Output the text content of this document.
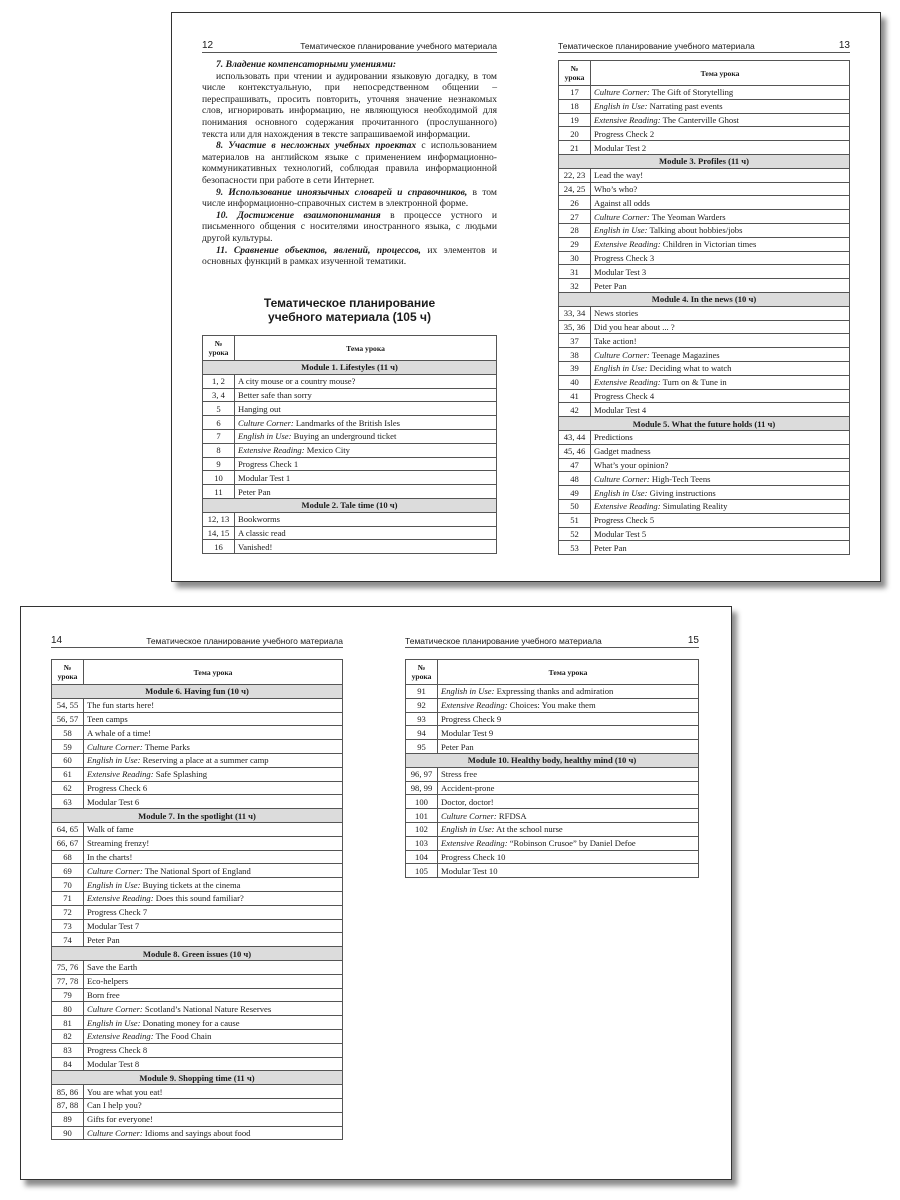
12	Тематическое планирование учебного материала

7. Владение компенсаторными умениями:

использовать при чтении и аудировании языковую догадку, в том числе контекстуальную, при непосредственном общении – переспрашивать, просить повторить, уточняя значение незнакомых слов, игнорировать информацию, не являющуюся необходимой для понимания основного содержания прочитанного (прослушанного) текста или для нахождения в тексте запрашиваемой информации.

8. Участие в несложных учебных проектах с использованием материалов на английском языке с применением информационно-коммуникативных технологий, соблюдая правила информационной безопасности при работе в сети Интернет.

9. Использование иноязычных словарей и справочников, в том числе информационно-справочных систем в электронной форме.

10. Достижение взаимопонимания в процессе устного и письменного общения с носителями иностранного языка, с людьми другой культуры.

11. Сравнение объектов, явлений, процессов, их элементов и основных функций в рамках изученной тематики.

Тематическое планирование
учебного материала (105 ч)
№
урока	Тема урока
Module 1. Lifestyles (11 ч)	
1, 2	A city mouse or a country mouse?
3, 4	Better safe than sorry
5	Hanging out
6	Culture Corner: Landmarks of the British Isles
7	English in Use: Buying an underground ticket
8	Extensive Reading: Mexico City
9	Progress Check 1
10	Modular Test 1
11	Peter Pan
Module 2. Tale time (10 ч)	
12, 13	Bookworms
14, 15	A classic read
16	Vanished!
Тематическое планирование учебного материала	13
№
урока	Тема урока
17	Culture Corner: The Gift of Storytelling
18	English in Use: Narrating past events
19	Extensive Reading: The Canterville Ghost
20	Progress Check 2
21	Modular Test 2
Module 3. Profiles (11 ч)	
22, 23	Lead the way!
24, 25	Who’s who?
26	Against all odds
27	Culture Corner: The Yeoman Warders
28	English in Use: Talking about hobbies/jobs
29	Extensive Reading: Children in Victorian times
30	Progress Check 3
31	Modular Test 3
32	Peter Pan
Module 4. In the news (10 ч)	
33, 34	News stories
35, 36	Did you hear about ... ?
37	Take action!
38	Culture Corner: Teenage Magazines
39	English in Use: Deciding what to watch
40	Extensive Reading: Turn on & Tune in
41	Progress Check 4
42	Modular Test 4
Module 5. What the future holds (11 ч)	
43, 44	Predictions
45, 46	Gadget madness
47	What’s your opinion?
48	Culture Corner: High-Tech Teens
49	English in Use: Giving instructions
50	Extensive Reading: Simulating Reality
51	Progress Check 5
52	Modular Test 5
53	Peter Pan
14	Тематическое планирование учебного материала
№
урока	Тема урока
Module 6. Having fun (10 ч)	
54, 55	The fun starts here!
56, 57	Teen camps
58	A whale of a time!
59	Culture Corner: Theme Parks
60	English in Use: Reserving a place at a summer camp
61	Extensive Reading: Safe Splashing
62	Progress Check 6
63	Modular Test 6
Module 7. In the spotlight (11 ч)	
64, 65	Walk of fame
66, 67	Streaming frenzy!
68	In the charts!
69	Culture Corner: The National Sport of England
70	English in Use: Buying tickets at the cinema
71	Extensive Reading: Does this sound familiar?
72	Progress Check 7
73	Modular Test 7
74	Peter Pan
Module 8. Green issues (10 ч)	
75, 76	Save the Earth
77, 78	Eco-helpers
79	Born free
80	Culture Corner: Scotland’s National Nature Reserves
81	English in Use: Donating money for a cause
82	Extensive Reading: The Food Chain
83	Progress Check 8
84	Modular Test 8
Module 9. Shopping time (11 ч)	
85, 86	You are what you eat!
87, 88	Can I help you?
89	Gifts for everyone!
90	Culture Corner: Idioms and sayings about food
Тематическое планирование учебного материала	15
№
урока	Тема урока
91	English in Use: Expressing thanks and admiration
92	Extensive Reading: Choices: You make them
93	Progress Check 9
94	Modular Test 9
95	Peter Pan
Module 10. Healthy body, healthy mind (10 ч)	
96, 97	Stress free
98, 99	Accident-prone
100	Doctor, doctor!
101	Culture Corner: RFDSA
102	English in Use: At the school nurse
103	Extensive Reading: “Robinson Crusoe” by Daniel Defoe
104	Progress Check 10
105	Modular Test 10
